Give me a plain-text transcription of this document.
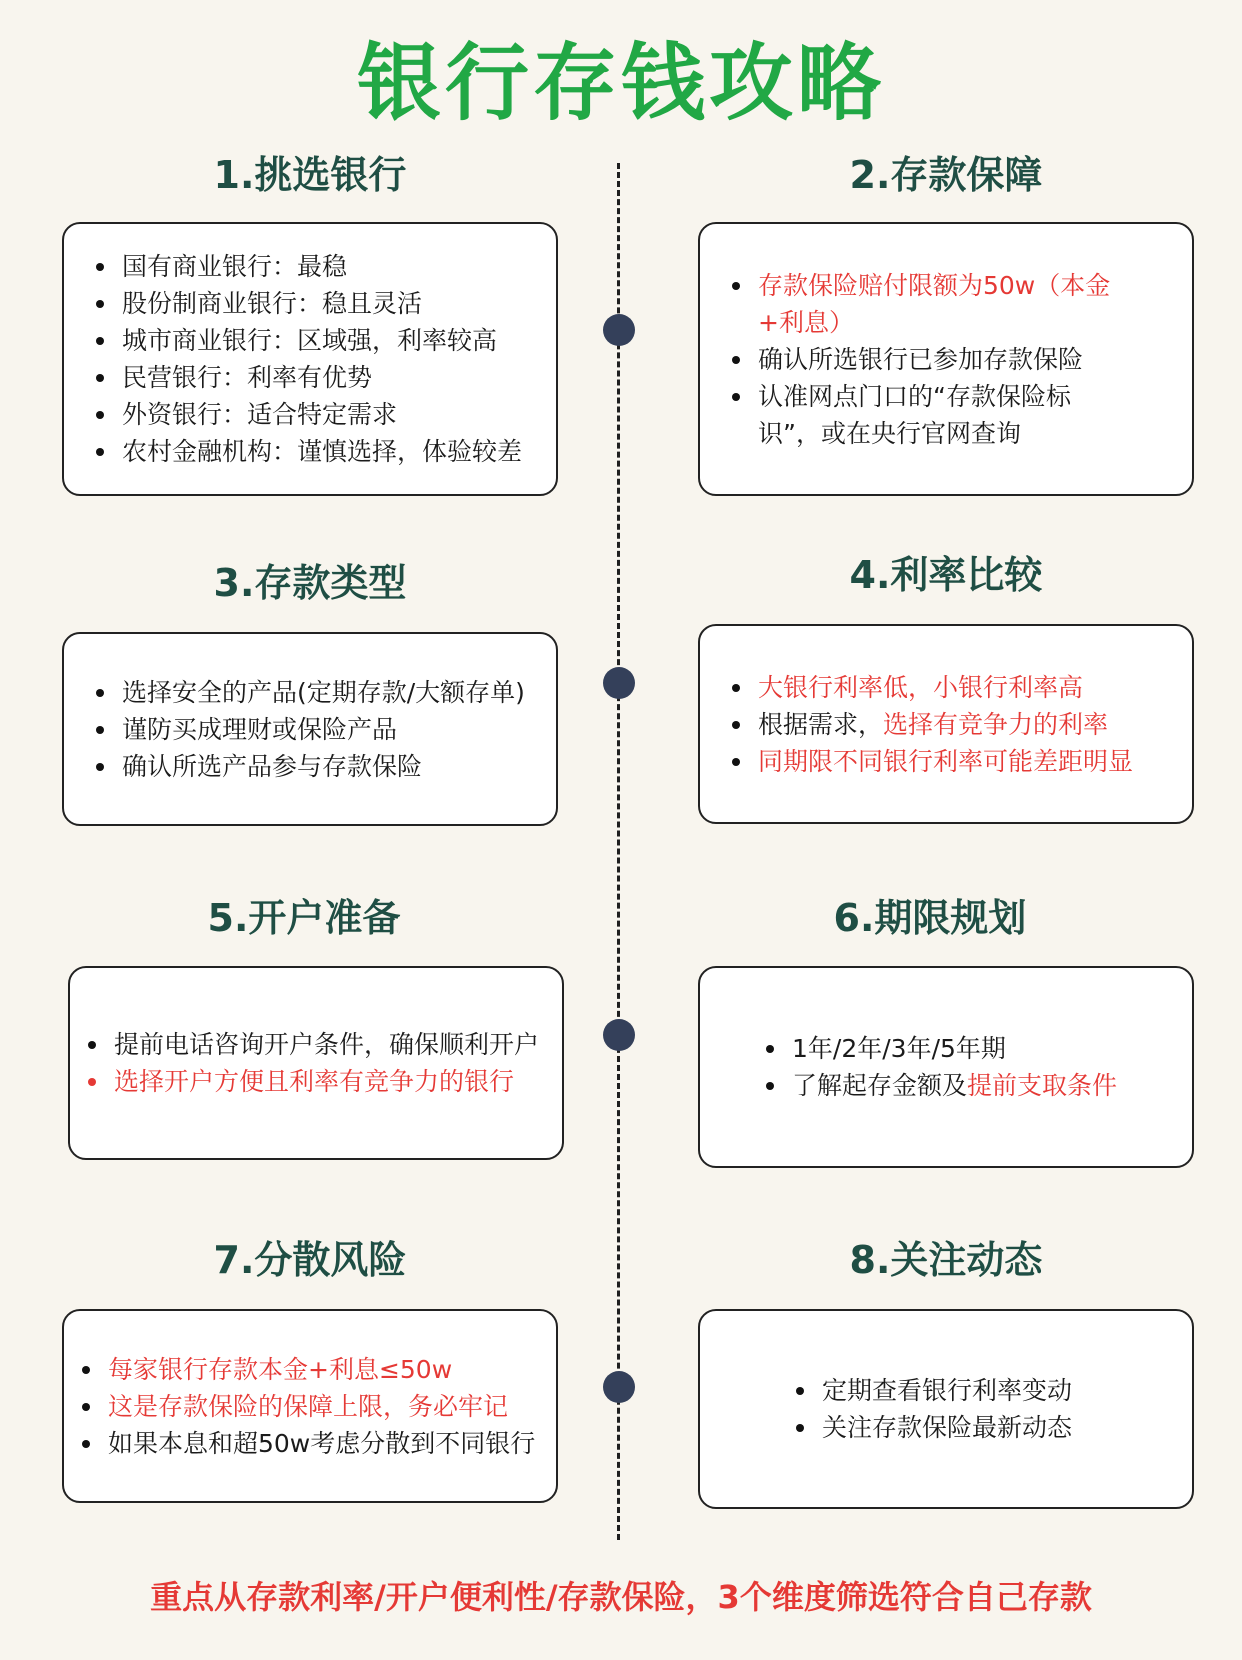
银行存钱攻略
1.挑选银行
国有商业银行：最稳
股份制商业银行：稳且灵活
城市商业银行：区域强，利率较高
民营银行：利率有优势
外资银行：适合特定需求
农村金融机构：谨慎选择，体验较差
2.存款保障
存款保险赔付限额为50w（本金+利息）
确认所选银行已参加存款保险
认准网点门口的“存款保险标识”，或在央行官网查询
3.存款类型
选择安全的产品(定期存款/大额存单)
谨防买成理财或保险产品
确认所选产品参与存款保险
4.利率比较
大银行利率低，小银行利率高
根据需求，选择有竞争力的利率
同期限不同银行利率可能差距明显
5.开户准备
提前电话咨询开户条件，确保顺利开户
选择开户方便且利率有竞争力的银行
6.期限规划
1年/2年/3年/5年期
了解起存金额及提前支取条件
7.分散风险
每家银行存款本金+利息≤50w
这是存款保险的保障上限，务必牢记
如果本息和超50w考虑分散到不同银行
8.关注动态
定期查看银行利率变动
关注存款保险最新动态
重点从存款利率/开户便利性/存款保险，3个维度筛选符合自己存款
